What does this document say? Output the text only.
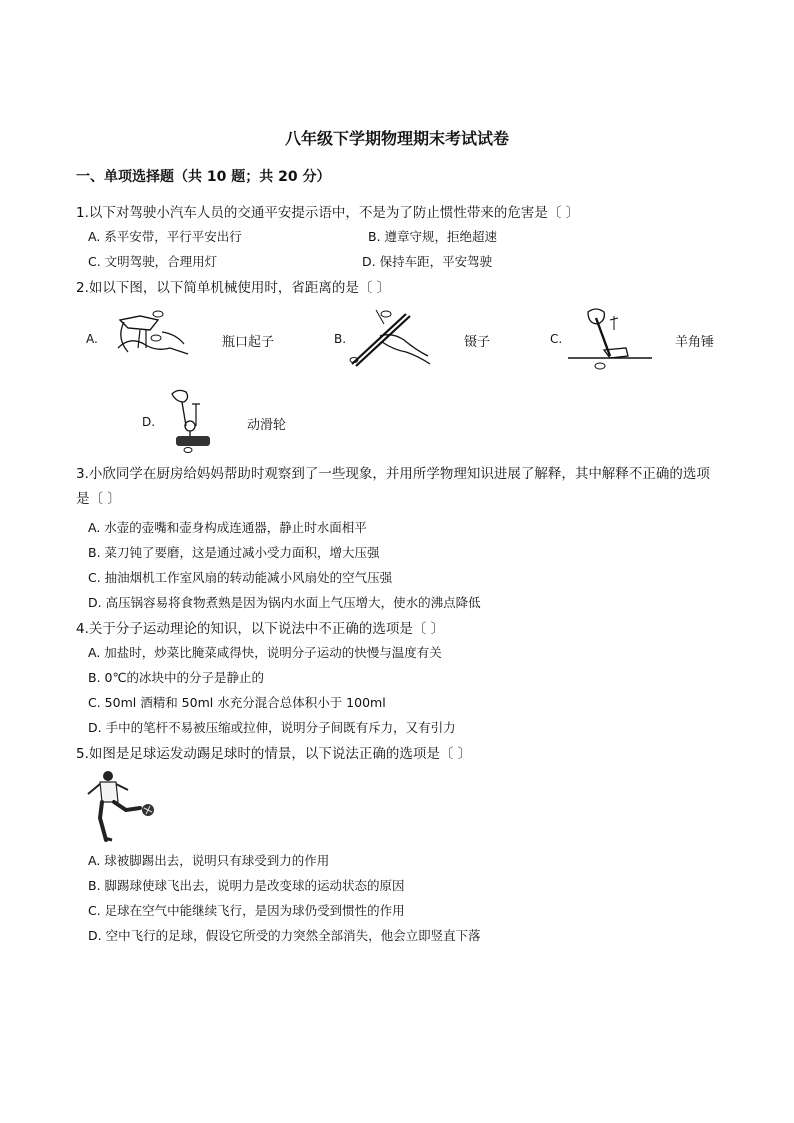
八年级下学期物理期末考试试卷
一、单项选择题（共 10 题；共 20 分）
1.以下对驾驶小汽车人员的交通平安提示语中，不是为了防止惯性带来的危害是〔 〕
A. 系平安带，平行平安出行	B. 遵章守规，拒绝超速
C. 文明驾驶，合理用灯	D. 保持车距，平安驾驶
2.如以下图，以下简单机械使用时，省距离的是〔 〕
A.	瓶口起子	B.	镊子	C.	羊角锤
D.	动滑轮
3.小欣同学在厨房给妈妈帮助时观察到了一些现象，并用所学物理知识进展了解释，其中解释不正确的选项是〔 〕
A. 水壶的壶嘴和壶身构成连通器，静止时水面相平
B. 菜刀钝了要磨，这是通过减小受力面积，增大压强
C. 抽油烟机工作室风扇的转动能减小风扇处的空气压强
D. 高压锅容易将食物煮熟是因为锅内水面上气压增大，使水的沸点降低
4.关于分子运动理论的知识，以下说法中不正确的选项是〔 〕
A. 加盐时，炒菜比腌菜咸得快，说明分子运动的快慢与温度有关
B. 0℃的冰块中的分子是静止的
C. 50ml 酒精和 50ml 水充分混合总体积小于 100ml
D. 手中的笔杆不易被压缩或拉伸，说明分子间既有斥力，又有引力
5.如图是足球运发动踢足球时的情景，以下说法正确的选项是〔 〕
A. 球被脚踢出去，说明只有球受到力的作用
B. 脚踢球使球飞出去，说明力是改变球的运动状态的原因
C. 足球在空气中能继续飞行，是因为球仍受到惯性的作用
D. 空中飞行的足球，假设它所受的力突然全部消失，他会立即竖直下落
